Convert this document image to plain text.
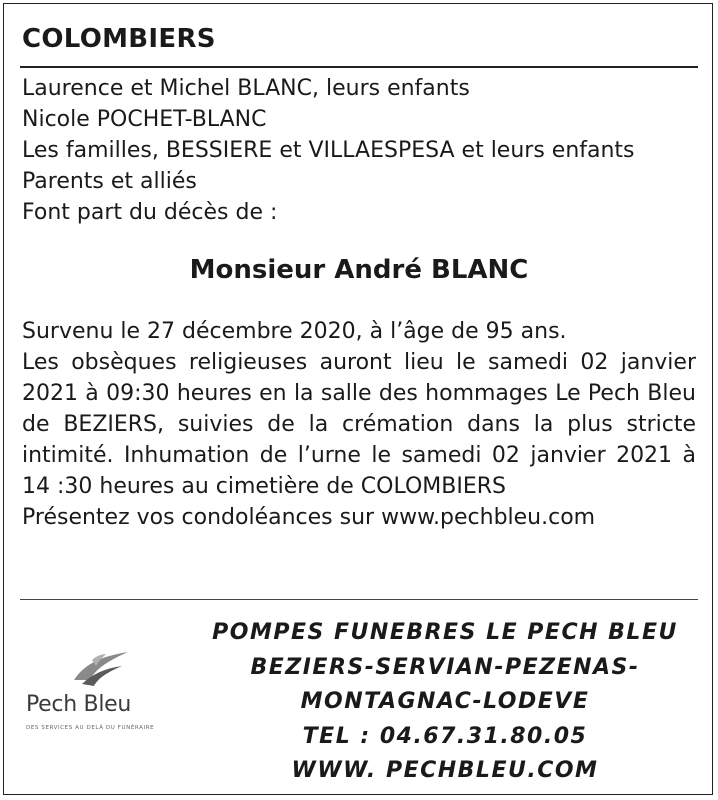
COLOMBIERS
Laurence et Michel BLANC, leurs enfants
Nicole POCHET-BLANC
Les familles, BESSIERE et VILLAESPESA et leurs enfants
Parents et alliés
Font part du décès de :
Monsieur André BLANC

Survenu le 27 décembre 2020, à l’âge de 95 ans.

Les obsèques religieuses auront lieu le samedi 02 janvier 2021 à 09:30 heures en la salle des hommages Le Pech Bleu de BEZIERS, suivies de la crémation dans la plus stricte intimité. Inhumation de l’urne le samedi 02 janvier 2021 à 14 :30 heures au cimetière de COLOMBIERS

Présentez vos condoléances sur www.pechbleu.com

Pech Bleu
DES SERVICES AU DELÀ DU FUNÉRAIRE
POMPES FUNEBRES LE PECH BLEU
BEZIERS-SERVIAN-PEZENAS-
MONTAGNAC-LODEVE
TEL : 04.67.31.80.05
WWW. PECHBLEU.COM
